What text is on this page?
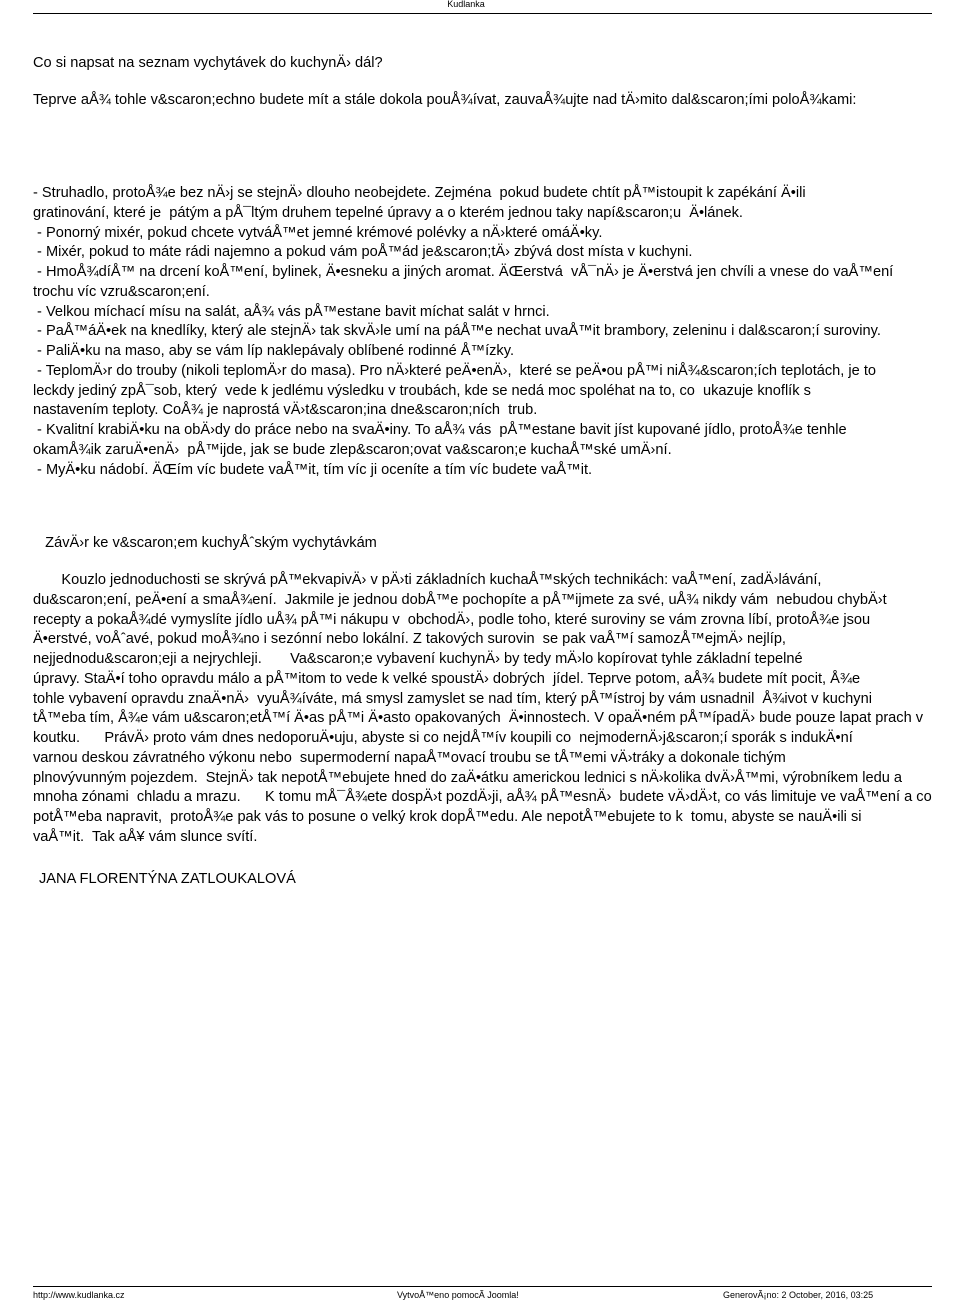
Kudlanka
Co si napsat na seznam vychytávek do kuchynÄ› dál?
Teprve aÅ¾ tohle v&scaron;echno budete mít a stále dokola pouÅ¾ívat, zauvaÅ¾ujte nad tÄ›mito dal&scaron;ími poloÅ¾kami:
- Struhadlo, protoÅ¾e bez nÄ›j se stejnÄ› dlouho neobejdete. Zejména  pokud budete chtít pÅ™istoupit k zapékání Ä•ili
gratinování, které je  pátým a pÅ¯ltým druhem tepelné úpravy a o kterém jednou taky napí&scaron;u  Ä•lánek.
- Ponorný mixér, pokud chcete vytváÅ™et jemné krémové polévky a nÄ›které omáÄ•ky.
- Mixér, pokud to máte rádi najemno a pokud vám poÅ™ád je&scaron;tÄ› zbývá dost místa v kuchyni.
- HmoÅ¾díÅ™ na drcení koÅ™ení, bylinek, Ä•esneku a jiných aromat. ÄŒerstvá  vÅ¯nÄ› je Ä•erstvá jen chvíli a vnese do vaÅ™ení
trochu víc vzru&scaron;ení.
- Velkou míchací mísu na salát, aÅ¾ vás pÅ™estane bavit míchat salát v hrnci.
- PaÅ™áÄ•ek na knedlíky, který ale stejnÄ› tak skvÄ›le umí na páÅ™e nechat uvaÅ™it brambory, zeleninu i dal&scaron;í suroviny.
- PaliÄ•ku na maso, aby se vám líp naklepávaly oblíbené rodinné Å™ízky.
- TeplomÄ›r do trouby (nikoli teplomÄ›r do masa). Pro nÄ›které peÄ•enÄ›,  které se peÄ•ou pÅ™i niÅ¾&scaron;ích teplotách, je to
leckdy jediný zpÅ¯sob, který  vede k jedlému výsledku v troubách, kde se nedá moc spoléhat na to, co  ukazuje knoflík s
nastavením teploty. CoÅ¾ je naprostá vÄ›t&scaron;ina dne&scaron;ních  trub.
- Kvalitní krabiÄ•ku na obÄ›dy do práce nebo na svaÄ•iny. To aÅ¾ vás  pÅ™estane bavit jíst kupované jídlo, protoÅ¾e tenhle
okamÅ¾ik zaruÄ•enÄ›  pÅ™ijde, jak se bude zlep&scaron;ovat va&scaron;e kuchaÅ™ské umÄ›ní.
- MyÄ•ku nádobí. ÄŒím víc budete vaÅ™it, tím víc ji oceníte a tím víc budete vaÅ™it.
ZávÄ›r ke v&scaron;em kuchyÅˆským vychytávkám
Kouzlo jednoduchosti se skrývá pÅ™ekvapivÄ› v pÄ›ti základních kuchaÅ™ských technikách: vaÅ™ení, zadÄ›lávání,
du&scaron;ení, peÄ•ení a smaÅ¾ení.  Jakmile je jednou dobÅ™e pochopíte a pÅ™ijmete za své, uÅ¾ nikdy vám  nebudou chybÄ›t
recepty a pokaÅ¾dé vymyslíte jídlo uÅ¾ pÅ™i nákupu v  obchodÄ›, podle toho, které suroviny se vám zrovna líbí, protoÅ¾e jsou
Ä•erstvé, voÅˆavé, pokud moÅ¾no i sezónní nebo lokální. Z takových surovin  se pak vaÅ™í samozÅ™ejmÄ› nejlíp,
nejjednodu&scaron;eji a nejrychleji.       Va&scaron;e vybavení kuchynÄ› by tedy mÄ›lo kopírovat tyhle základní tepelné
úpravy. StaÄ•í toho opravdu málo a pÅ™itom to vede k velké spoustÄ› dobrých  jídel. Teprve potom, aÅ¾ budete mít pocit, Å¾e
tohle vybavení opravdu znaÄ•nÄ›  vyuÅ¾íváte, má smysl zamyslet se nad tím, který pÅ™ístroj by vám usnadnil  Å¾ivot v kuchyni
tÅ™eba tím, Å¾e vám u&scaron;etÅ™í Ä•as pÅ™i Ä•asto opakovaných  Ä•innostech. V opaÄ•ném pÅ™ípadÄ› bude pouze lapat prach v
koutku.      PrávÄ› proto vám dnes nedoporuÄ•uju, abyste si co nejdÅ™ív koupili co  nejmodernÄ›j&scaron;í sporák s indukÄ•ní
varnou deskou závratného výkonu nebo  supermoderní napaÅ™ovací troubu se tÅ™emi vÄ›tráky a dokonale tichým
plnovývunným pojezdem.  StejnÄ› tak nepotÅ™ebujete hned do zaÄ•átku americkou lednici s nÄ›kolika dvÄ›Å™mi, výrobníkem ledu a
mnoha zónami  chladu a mrazu.      K tomu mÅ¯Å¾ete dospÄ›t pozdÄ›ji, aÅ¾ pÅ™esnÄ›  budete vÄ›dÄ›t, co vás limituje ve vaÅ™ení a co
potÅ™eba napravit,  protoÅ¾e pak vás to posune o velký krok dopÅ™edu. Ale nepotÅ™ebujete to k  tomu, abyste se nauÄ•ili si
vaÅ™it.  Tak aÅ¥ vám slunce svítí.
JANA FLORENTÝNA ZATLOUKALOVÁ
http://www.kudlanka.cz	VytvoÅ™eno pomocÃ Joomla!	GenerovÃ¡no: 2 October, 2016, 03:25
